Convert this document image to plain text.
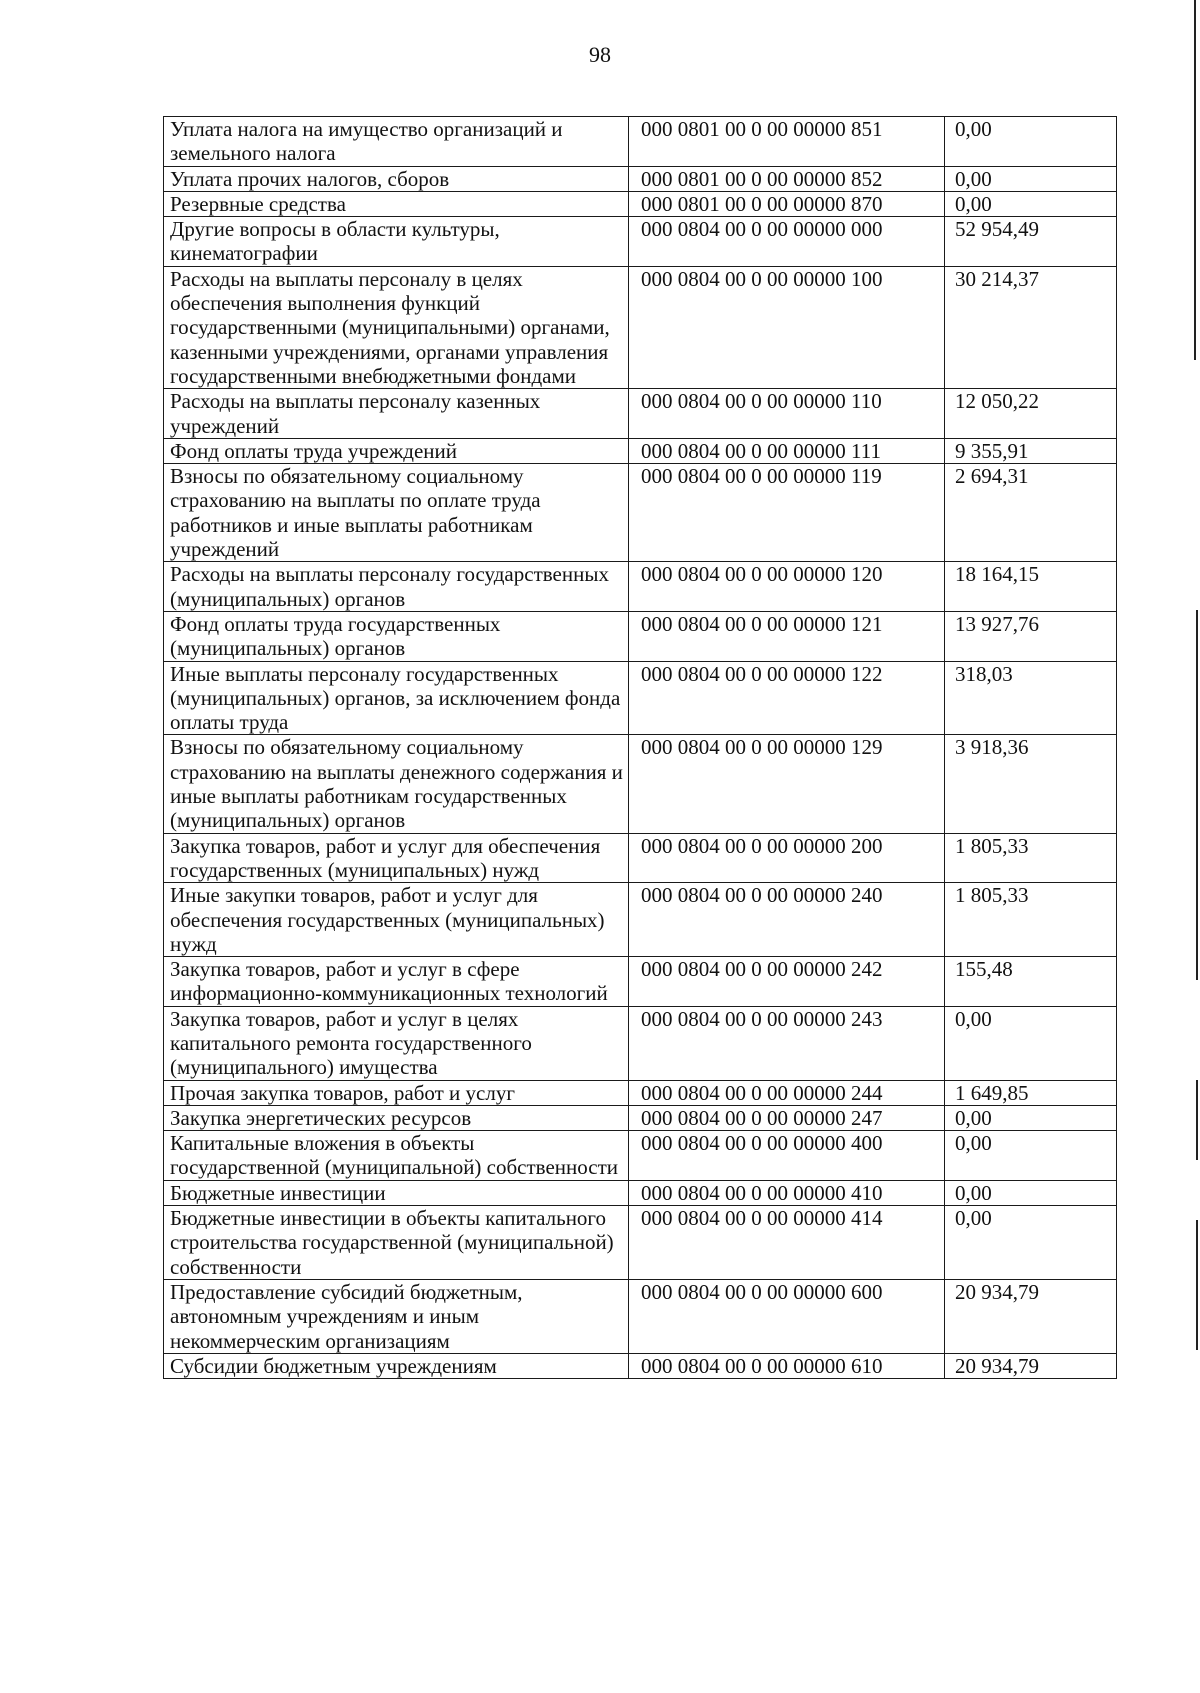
98
Уплата налога на имущество организаций и земельного налога	000 0801 00 0 00 00000 851	0,00
Уплата прочих налогов, сборов	000 0801 00 0 00 00000 852	0,00
Резервные средства	000 0801 00 0 00 00000 870	0,00
Другие вопросы в области культуры, кинематографии	000 0804 00 0 00 00000 000	52 954,49
Расходы на выплаты персоналу в целях обеспечения выполнения функций государственными (муниципальными) органами, казенными учреждениями, органами управления государственными внебюджетными фондами	000 0804 00 0 00 00000 100	30 214,37
Расходы на выплаты персоналу казенных учреждений	000 0804 00 0 00 00000 110	12 050,22
Фонд оплаты труда учреждений	000 0804 00 0 00 00000 111	9 355,91
Взносы по обязательному социальному страхованию на выплаты по оплате труда работников и иные выплаты работникам учреждений	000 0804 00 0 00 00000 119	2 694,31
Расходы на выплаты персоналу государственных (муниципальных) органов	000 0804 00 0 00 00000 120	18 164,15
Фонд оплаты труда государственных (муниципальных) органов	000 0804 00 0 00 00000 121	13 927,76
Иные выплаты персоналу государственных (муниципальных) органов, за исключением фонда оплаты труда	000 0804 00 0 00 00000 122	318,03
Взносы по обязательному социальному страхованию на выплаты денежного содержания и иные выплаты работникам государственных (муниципальных) органов	000 0804 00 0 00 00000 129	3 918,36
Закупка товаров, работ и услуг для обеспечения государственных (муниципальных) нужд	000 0804 00 0 00 00000 200	1 805,33
Иные закупки товаров, работ и услуг для обеспечения государственных (муниципальных) нужд	000 0804 00 0 00 00000 240	1 805,33
Закупка товаров, работ и услуг в сфере информационно-коммуникационных технологий	000 0804 00 0 00 00000 242	155,48
Закупка товаров, работ и услуг в целях капитального ремонта государственного (муниципального) имущества	000 0804 00 0 00 00000 243	0,00
Прочая закупка товаров, работ и услуг	000 0804 00 0 00 00000 244	1 649,85
Закупка энергетических ресурсов	000 0804 00 0 00 00000 247	0,00
Капитальные вложения в объекты государственной (муниципальной) собственности	000 0804 00 0 00 00000 400	0,00
Бюджетные инвестиции	000 0804 00 0 00 00000 410	0,00
Бюджетные инвестиции в объекты капитального строительства государственной (муниципальной) собственности	000 0804 00 0 00 00000 414	0,00
Предоставление субсидий бюджетным, автономным учреждениям и иным некоммерческим организациям	000 0804 00 0 00 00000 600	20 934,79
Субсидии бюджетным учреждениям	000 0804 00 0 00 00000 610	20 934,79
